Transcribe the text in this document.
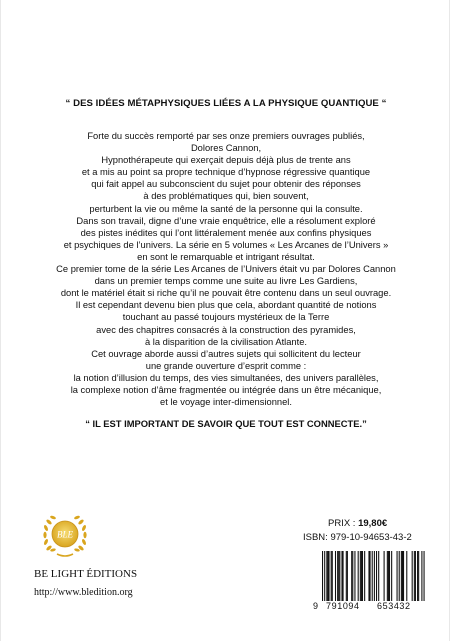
“ DES IDÉES MÉTAPHYSIQUES LIÉES A LA PHYSIQUE QUANTIQUE “
Forte du succès remporté par ses onze premiers ouvrages publiés,
Dolores Cannon,
Hypnothérapeute qui exerçait depuis déjà plus de trente ans
et a mis au point sa propre technique d’hypnose régressive quantique
qui fait appel au subconscient du sujet pour obtenir des réponses
à des problématiques qui, bien souvent,
perturbent la vie ou même la santé de la personne qui la consulte.
Dans son travail, digne d’une vraie enquêtrice, elle a résolument exploré
des pistes inédites qui l’ont littéralement menée aux confins physiques
et psychiques de l’univers. La série en 5 volumes « Les Arcanes de l’Univers »
en sont le remarquable et intrigant résultat.
Ce premier tome de la série Les Arcanes de l’Univers était vu par Dolores Cannon
dans un premier temps comme une suite au livre Les Gardiens,
dont le matériel était si riche qu’il ne pouvait être contenu dans un seul ouvrage.
Il est cependant devenu bien plus que cela, abordant quantité de notions
touchant au passé toujours mystérieux de la Terre
avec des chapitres consacrés à la construction des pyramides,
à la disparition de la civilisation Atlante.
Cet ouvrage aborde aussi d’autres sujets qui sollicitent du lecteur
une grande ouverture d’esprit comme :
la notion d’illusion du temps, des vies simultanées, des univers parallèles,
la complexe notion d’âme fragmentée ou intégrée dans un être mécanique,
et le voyage inter-dimensionnel.
“ IL EST IMPORTANT DE SAVOIR QUE TOUT EST CONNECTE.”
BLE
BE LIGHT ÉDITIONS
http://www.bledition.org
PRIX : 19,80€
ISBN: 979-10-94653-43-2
9 791094 653432
